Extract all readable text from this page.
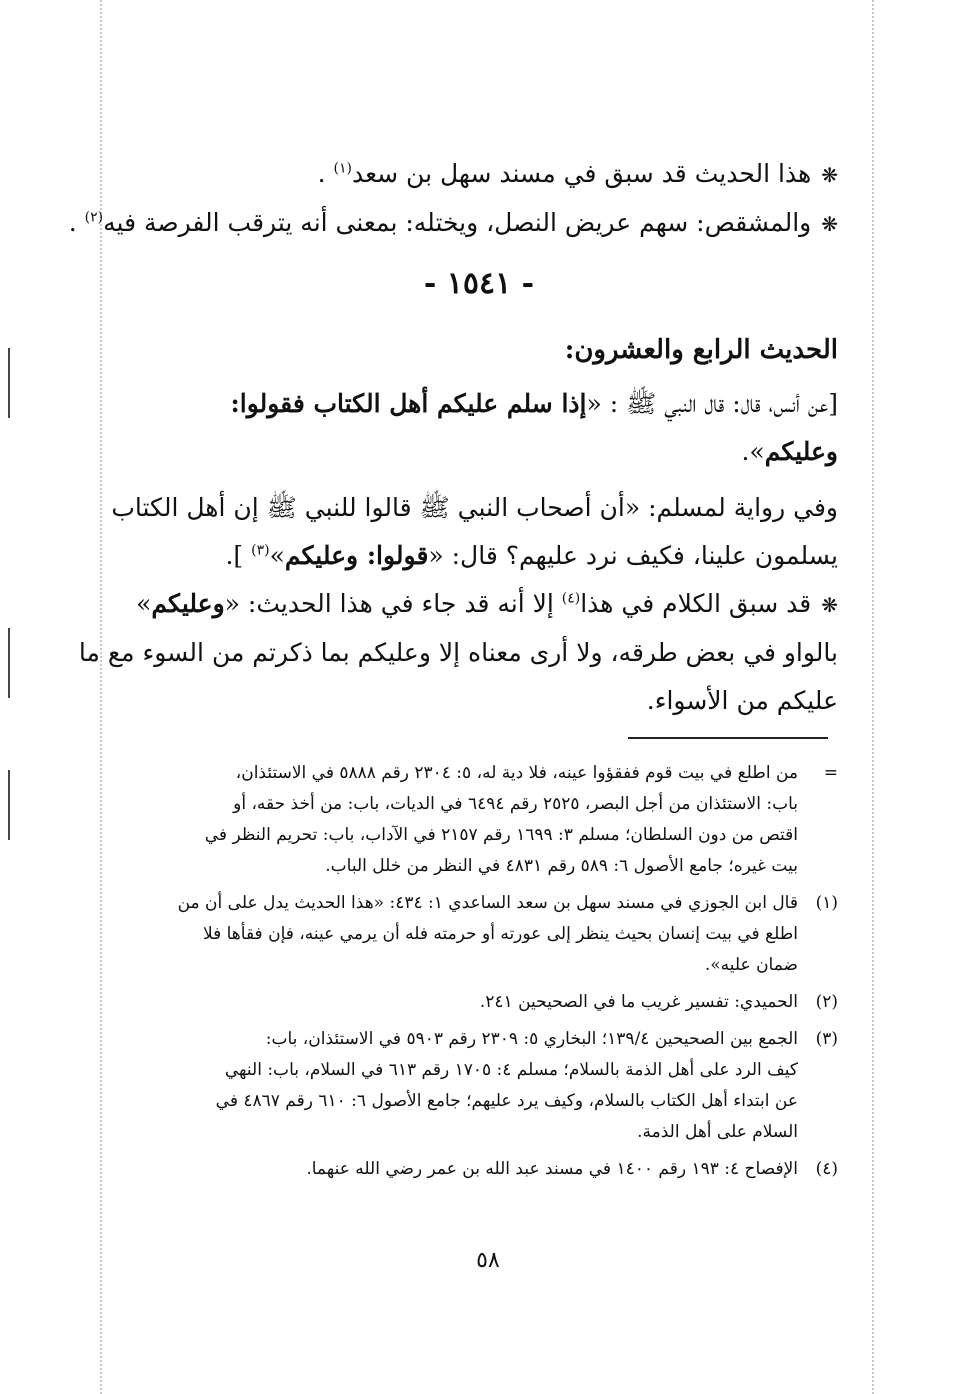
❋هذا الحديث قد سبق في مسند سهل بن سعد$^{(١)}$ .

❋والمشقص: سهم عريض النصل، ويختله: بمعنى أنه يترقب الفرصة فيه$^{(٢)}$ .

- ١٥٤١ -

الحديث الرابع والعشرون:

[عن أنس، قال: قال النبي ﷺ : «إذا سلم عليكم أهل الكتاب فقولوا:

وعليكم».

وفي رواية لمسلم: «أن أصحاب النبي ﷺ قالوا للنبي ﷺ إن أهل الكتاب

يسلمون علينا، فكيف نرد عليهم؟ قال: «قولوا: وعليكم»$^{(٣)}$ ].

❋قد سبق الكلام في هذا$^{(٤)}$ إلا أنه قد جاء في هذا الحديث: «وعليكم»

بالواو في بعض طرقه، ولا أرى معناه إلا وعليكم بما ذكرتم من السوء مع ما

عليكم من الأسواء.

=
من اطلع في بيت قوم ففقؤوا عينه، فلا دية له، ٥: ٢٣٠٤ رقم ٥٨٨٨ في الاستئذان،
باب: الاستئذان من أجل البصر، ٢٥٢٥ رقم ٦٤٩٤ في الديات، باب: من أخذ حقه، أو
اقتص من دون السلطان؛ مسلم ٣: ١٦٩٩ رقم ٢١٥٧ في الآداب، باب: تحريم النظر في
بيت غيره؛ جامع الأصول ٦: ٥٨٩ رقم ٤٨٣١ في النظر من خلل الباب.
(١)
قال ابن الجوزي في مسند سهل بن سعد الساعدي ١: ٤٣٤: «هذا الحديث يدل على أن من
اطلع في بيت إنسان بحيث ينظر إلى عورته أو حرمته فله أن يرمي عينه، فإن فقأها فلا
ضمان عليه».
(٢)
الحميدي: تفسير غريب ما في الصحيحين ٢٤١.
(٣)
الجمع بين الصحيحين ١٣٩/٤؛ البخاري ٥: ٢٣٠٩ رقم ٥٩٠٣ في الاستئذان، باب:
كيف الرد على أهل الذمة بالسلام؛ مسلم ٤: ١٧٠٥ رقم ٦١٣ في السلام، باب: النهي
عن ابتداء أهل الكتاب بالسلام، وكيف يرد عليهم؛ جامع الأصول ٦: ٦١٠ رقم ٤٨٦٧ في
السلام على أهل الذمة.
(٤)
الإفصاح ٤: ١٩٣ رقم ١٤٠٠ في مسند عبد الله بن عمر رضي الله عنهما.
٥٨
